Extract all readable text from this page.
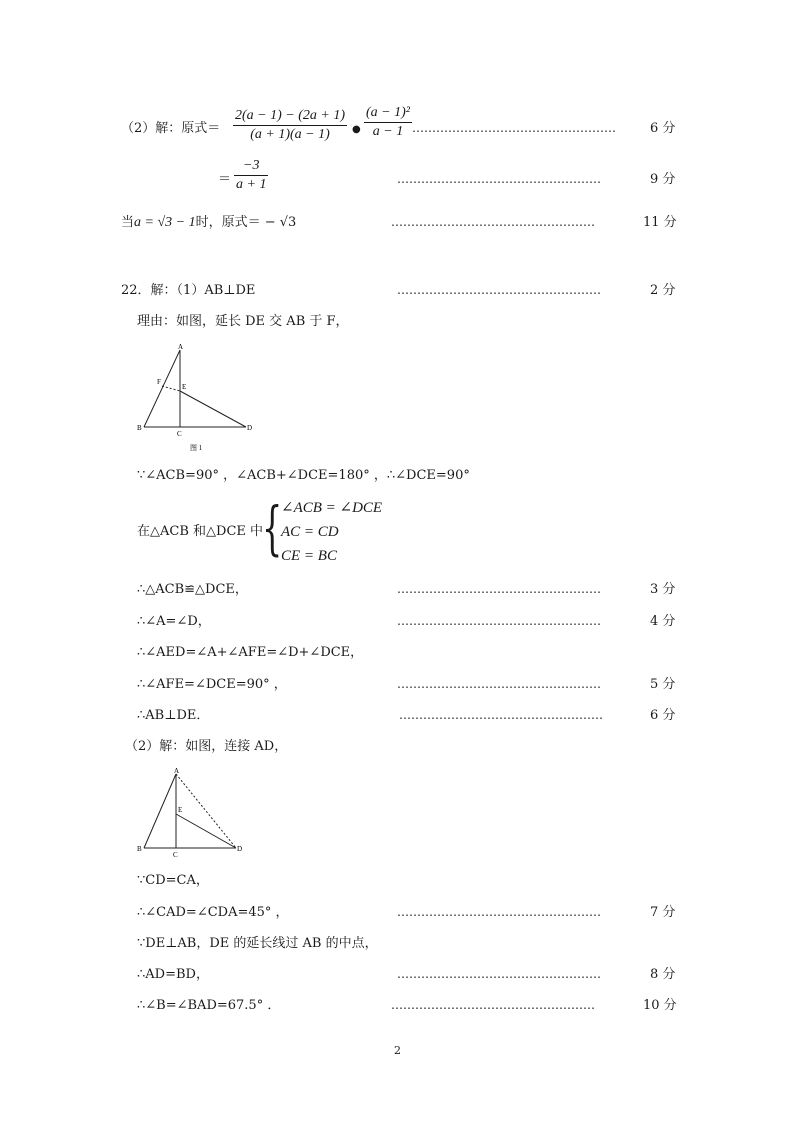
（2）解：原式＝ $\frac{2(a - 1) - (2a + 1)}{(a + 1)(a - 1)}$ ● $\frac{\text{(a − 1)²}}{a - 1}$ ……………………………………………	6 分
＝ $\frac{-3}{a + 1}$	……………………………………………	9 分
当a = √3 − 1时，原式＝ − √3	……………………………………………	11 分
22．解：（1）AB⊥DE	……………………………………………	2 分
理由：如图，延长 DE 交 AB 于 F，
A
F
E
B
C
D
图 1
∵∠ACB=90° ，∠ACB+∠DCE=180° ，∴∠DCE=90°
在△ACB 和△DCE 中
{
∠ACB = ∠DCE
AC = CD
CE = BC
∴△ACB≌△DCE，	……………………………………………	3 分
∴∠A=∠D，	……………………………………………	4 分
∴∠AED=∠A+∠AFE=∠D+∠DCE，
∴∠AFE=∠DCE=90° ，	……………………………………………	5 分
∴AB⊥DE．	……………………………………………	6 分
（2）解：如图，连接 AD，
A
E
B
C
D
∵CD=CA，
∴∠CAD=∠CDA=45° ，	……………………………………………	7 分
∵DE⊥AB，DE 的延长线过 AB 的中点，
∴AD=BD，	……………………………………………	8 分
∴∠B=∠BAD=67.5° ．	……………………………………………	10 分
2
